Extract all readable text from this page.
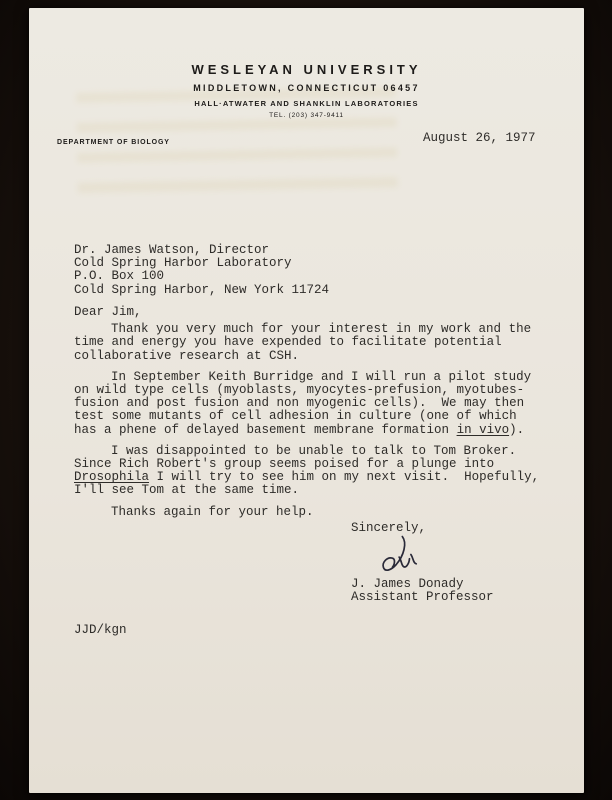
WESLEYAN UNIVERSITY
MIDDLETOWN, CONNECTICUT 06457
HALL·ATWATER AND SHANKLIN LABORATORIES
TEL. (203) 347-9411
DEPARTMENT OF BIOLOGY	August 26, 1977
Dr. James Watson, Director
Cold Spring Harbor Laboratory
P.O. Box 100
Cold Spring Harbor, New York 11724

Dear Jim,

Thank you very much for your interest in my work and the
time and energy you have expended to facilitate potential
collaborative research at CSH.

In September Keith Burridge and I will run a pilot study
on wild type cells (myoblasts, myocytes-prefusion, myotubes-
fusion and post fusion and non myogenic cells).  We may then
test some mutants of cell adhesion in culture (one of which
has a phene of delayed basement membrane formation in vivo).

I was disappointed to be unable to talk to Tom Broker.
Since Rich Robert's group seems poised for a plunge into
Drosophila I will try to see him on my next visit.  Hopefully,
I'll see Tom at the same time.

Thanks again for your help.

Sincerely,
J. James Donady
Assistant Professor
JJD/kgn
